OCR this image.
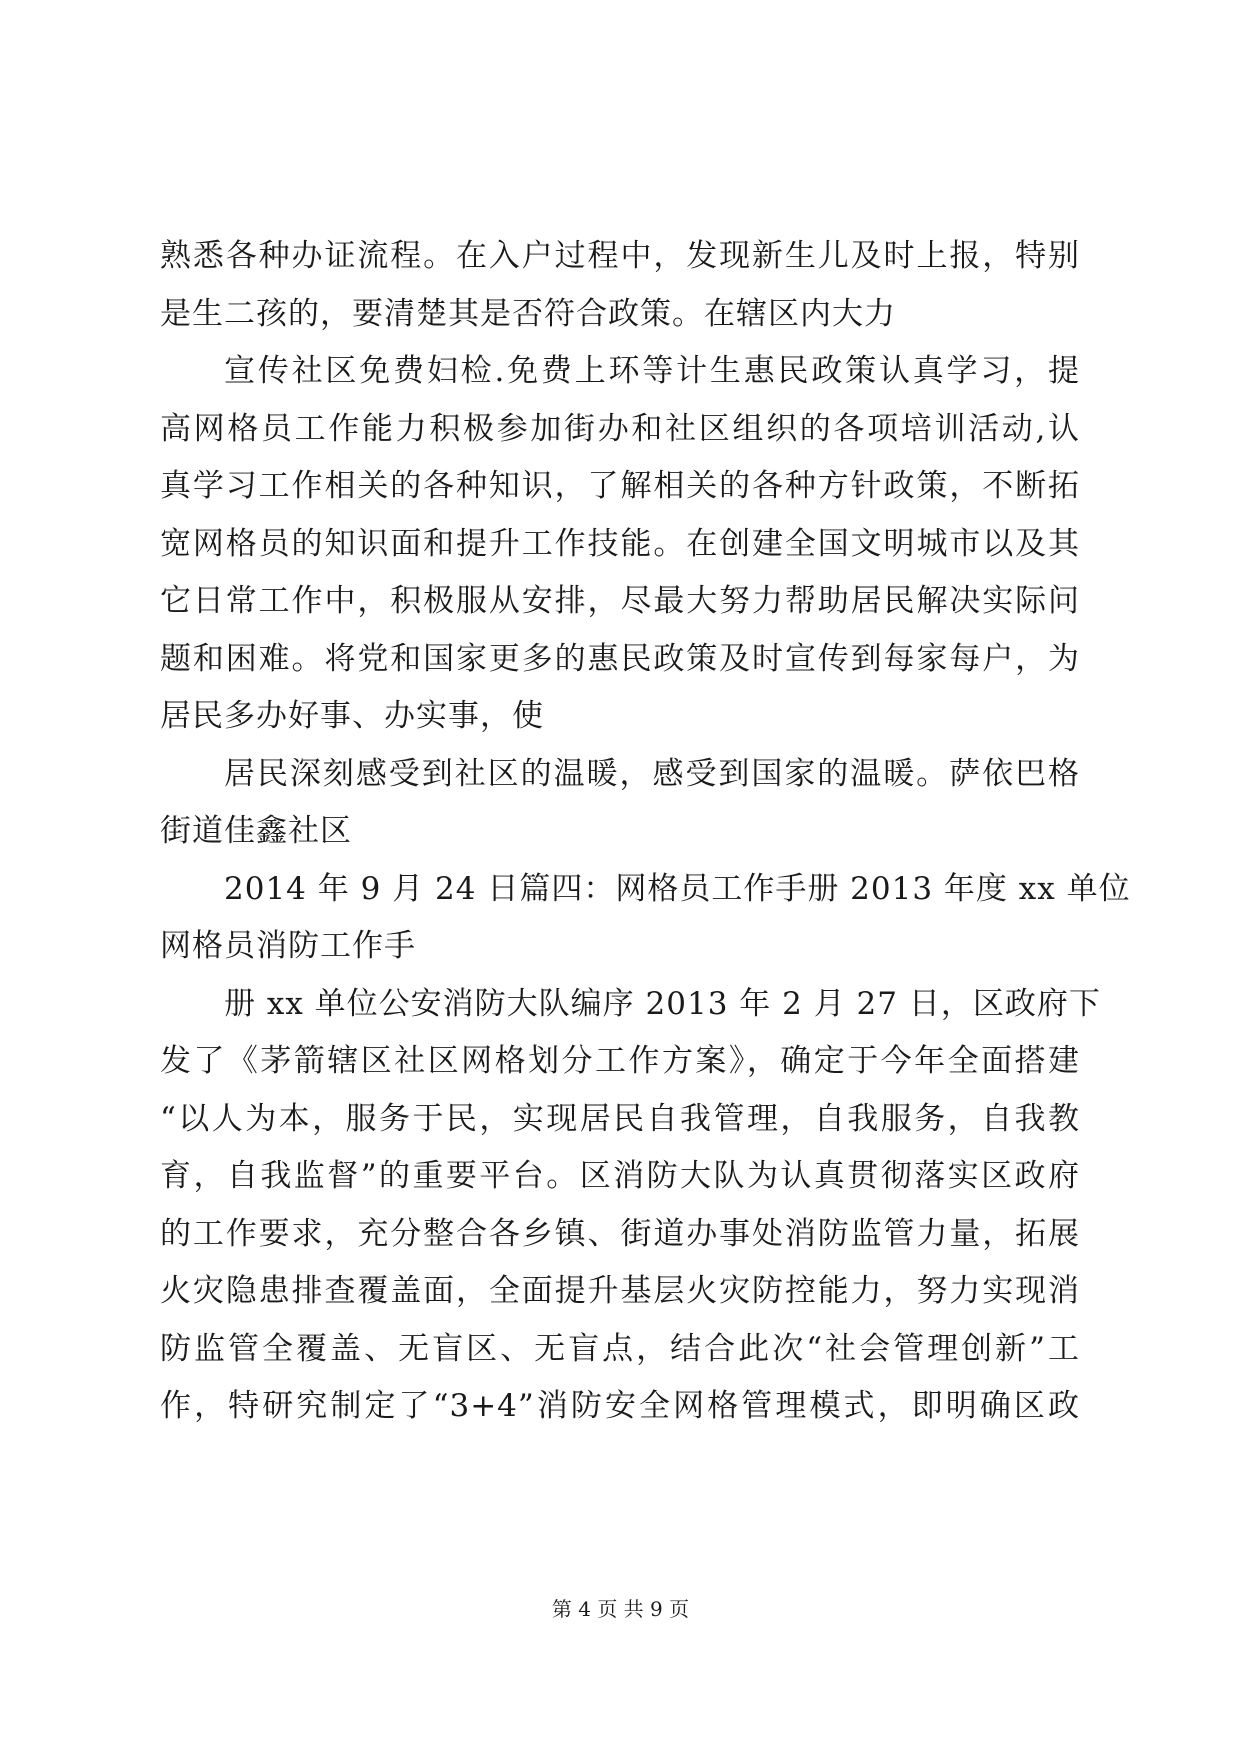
熟悉各种办证流程。在入户过程中，发现新生儿及时上报，特别
是生二孩的，要清楚其是否符合政策。在辖区内大力
宣传社区免费妇检.免费上环等计生惠民政策认真学习，提
高网格员工作能力积极参加街办和社区组织的各项培训活动,认
真学习工作相关的各种知识，了解相关的各种方针政策，不断拓
宽网格员的知识面和提升工作技能。在创建全国文明城市以及其
它日常工作中，积极服从安排，尽最大努力帮助居民解决实际问
题和困难。将党和国家更多的惠民政策及时宣传到每家每户，为
居民多办好事、办实事，使
居民深刻感受到社区的温暖，感受到国家的温暖。萨依巴格
街道佳鑫社区
2014 年 9 月 24 日篇四：网格员工作手册 2013 年度 xx 单位
网格员消防工作手
册 xx 单位公安消防大队编序 2013 年 2 月 27 日，区政府下
发了《茅箭辖区社区网格划分工作方案》，确定于今年全面搭建
“以人为本，服务于民，实现居民自我管理，自我服务，自我教
育，自我监督”的重要平台。区消防大队为认真贯彻落实区政府
的工作要求，充分整合各乡镇、街道办事处消防监管力量，拓展
火灾隐患排查覆盖面，全面提升基层火灾防控能力，努力实现消
防监管全覆盖、无盲区、无盲点，结合此次“社会管理创新”工
作，特研究制定了“3+4”消防安全网格管理模式，即明确区政
第 4 页 共 9 页
